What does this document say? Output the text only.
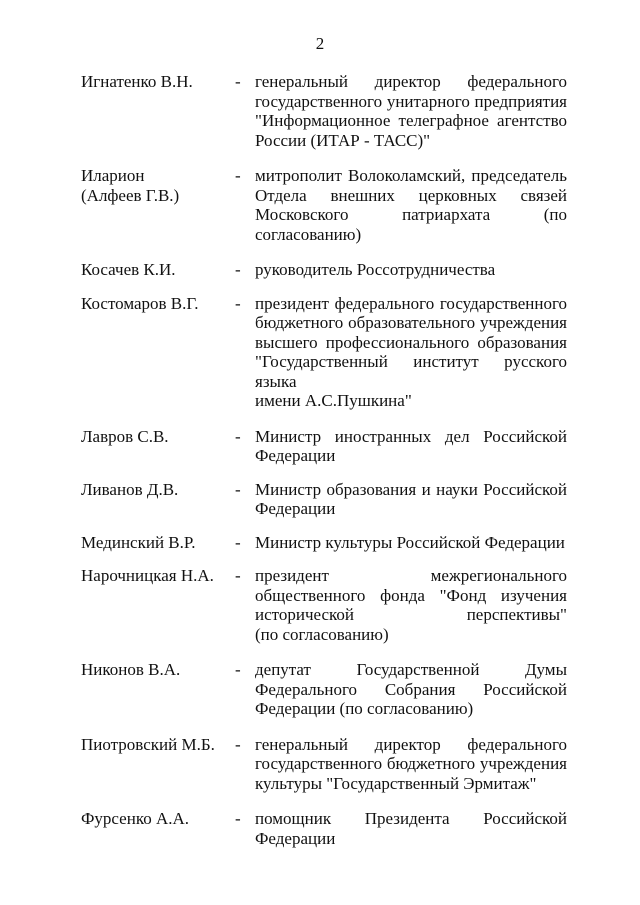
2
Игнатенко В.Н.	- генеральный директор федерального
государственного унитарного предприятия
"Информационное телеграфное агентство
России (ИТАР - ТАСС)"
Иларион
(Алфеев Г.В.)
- митрополит Волоколамский, председатель
Отдела внешних церковных связей
Московского патриархата (по согласованию)
Косачев К.И.	- руководитель Россотрудничества
Костомаров В.Г.	- президент федерального государственного
бюджетного образовательного учреждения
высшего профессионального образования
"Государственный институт русского языка
имени А.С.Пушкина"
Лавров С.В.	- Министр иностранных дел Российской
Федерации
Ливанов Д.В.	- Министр образования и науки Российской
Федерации
Мединский В.Р.	- Министр культуры Российской Федерации
Нарочницкая Н.А.	- президент межрегионального
общественного фонда "Фонд изучения
исторической перспективы"
(по согласованию)
Никонов В.А.	- депутат Государственной Думы
Федерального Собрания Российской
Федерации (по согласованию)
Пиотровский М.Б.	- генеральный директор федерального
государственного бюджетного учреждения
культуры "Государственный Эрмитаж"
Фурсенко А.А.	- помощник Президента Российской
Федерации
